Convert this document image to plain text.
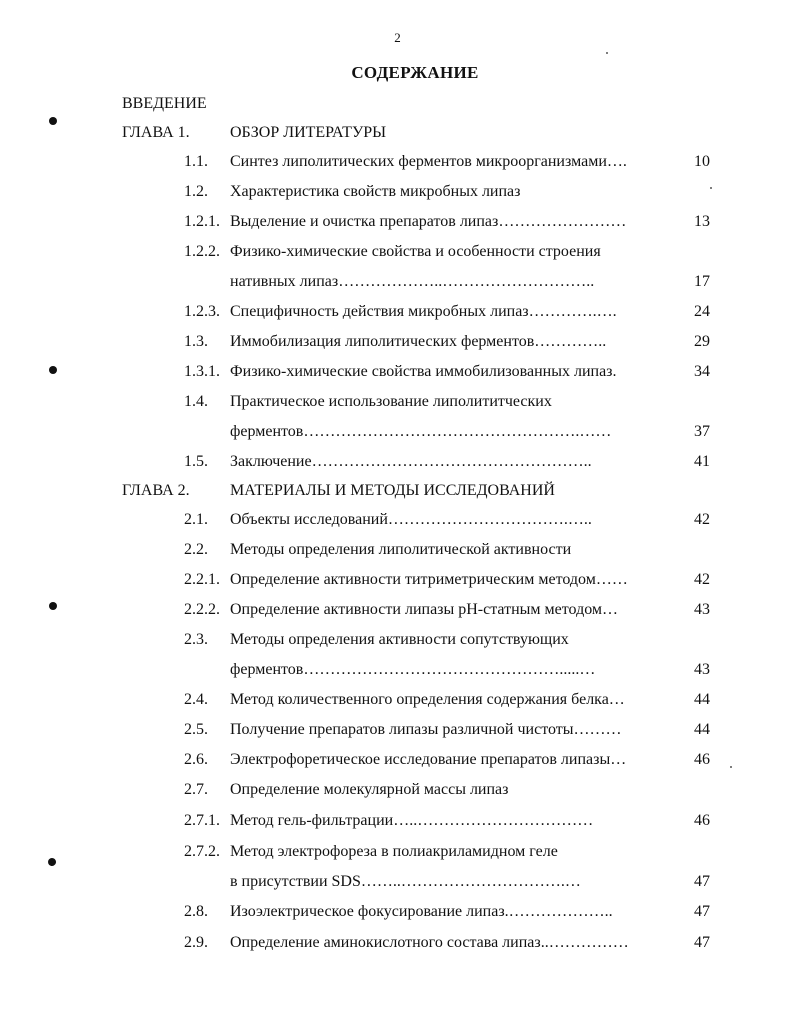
2
СОДЕРЖАНИЕ
ВВЕДЕНИЕ
ГЛАВА 1.	ОБЗОР ЛИТЕРАТУРЫ
1.1. Синтез липолитических ферментов микроорганизмами….	10
1.2. Характеристика свойств микробных липаз
1.2.1. Выделение и очистка препаратов липаз……………………	13
1.2.2. Физико-химические свойства и особенности строения
нативных липаз………………..………………………..	17
1.2.3. Специфичность действия микробных липаз………….….	24
1.3. Иммобилизация липолитических ферментов…………..	29
1.3.1. Физико-химические свойства иммобилизованных липаз.	34
1.4. Практическое использование липолититческих
ферментов…………………………………………….……	37
1.5. Заключение……………………………………………..	41
ГЛАВА 2.	МАТЕРИАЛЫ И МЕТОДЫ ИССЛЕДОВАНИЙ
2.1. Объекты исследований…………………………….…..	42
2.2. Методы определения липолитической активности
2.2.1. Определение активности титриметрическим методом……	42
2.2.2. Определение активности липазы pH-статным методом…	43
2.3. Методы определения активности сопутствующих
ферментов………………………………………….....…	43
2.4. Метод количественного определения содержания белка…	44
2.5. Получение препаратов липазы различной чистоты………	44
2.6. Электрофоретическое исследование препаратов липазы…	46
2.7. Определение молекулярной массы липаз
2.7.1. Метод гель-фильтрации…..……………………………	46
2.7.2. Метод электрофореза в полиакриламидном геле
в присутствии SDS……..………………………….…	47
2.8. Изоэлектрическое фокусирование липаз.………………..	47
2.9. Определение аминокислотного состава липаз..……………	47
